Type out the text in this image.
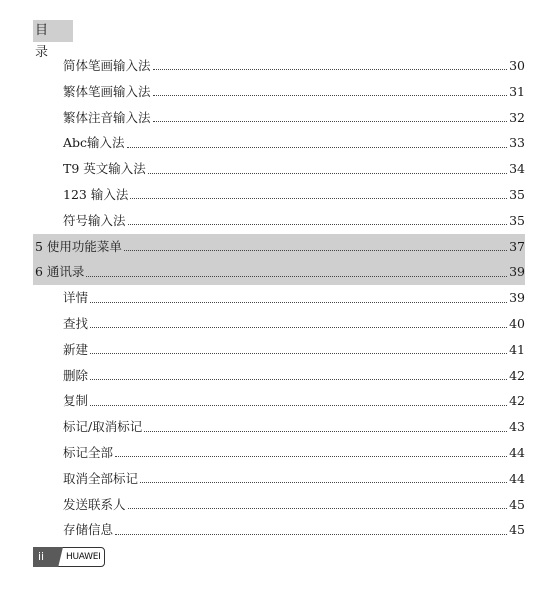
目 录
简体笔画输入法	30
繁体笔画输入法	31
繁体注音输入法	32
Abc输入法	33
T9 英文输入法	34
123 输入法	35
符号输入法	35
5 使用功能菜单	37
6 通讯录	39
详情	39
查找	40
新建	41
删除	42
复制	42
标记/取消标记	43
标记全部	44
取消全部标记	44
发送联系人	45
存储信息	45
ii	HUAWEI
